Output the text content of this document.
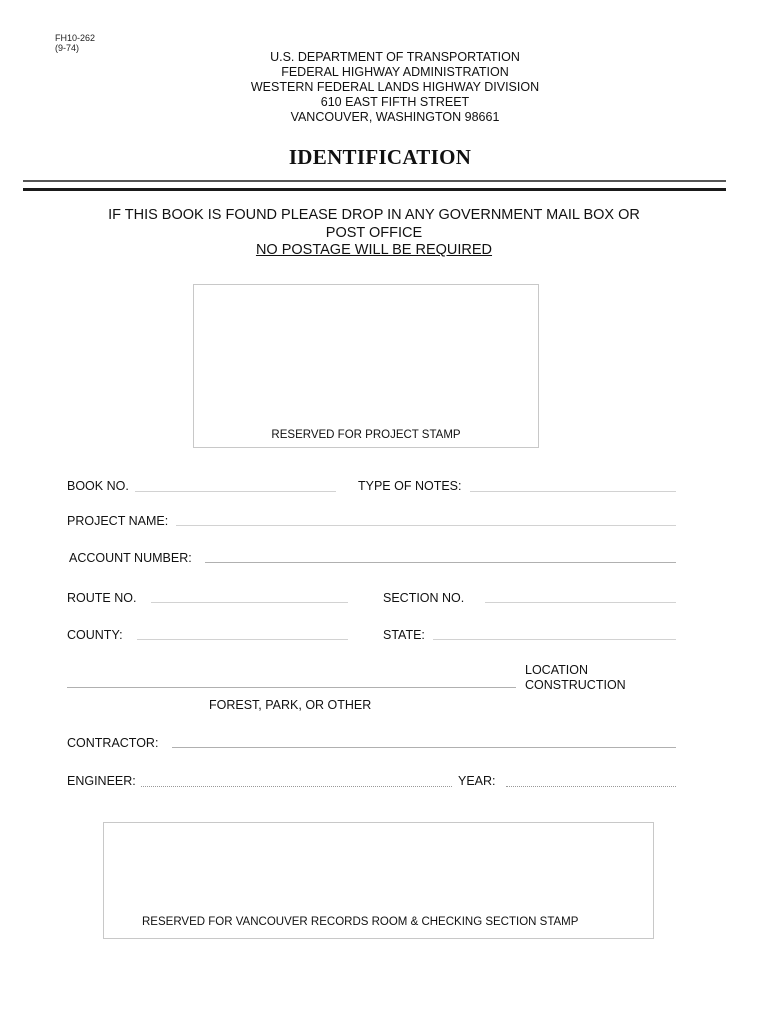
FH10-262
(9-74)
U.S. DEPARTMENT OF TRANSPORTATION
FEDERAL HIGHWAY ADMINISTRATION
WESTERN FEDERAL LANDS HIGHWAY DIVISION
610 EAST FIFTH STREET
VANCOUVER, WASHINGTON 98661
IDENTIFICATION
IF THIS BOOK IS FOUND PLEASE DROP IN ANY GOVERNMENT MAIL BOX OR
POST OFFICE
NO POSTAGE WILL BE REQUIRED
RESERVED FOR PROJECT STAMP
BOOK NO.	TYPE OF NOTES:
PROJECT NAME:
ACCOUNT NUMBER:
ROUTE NO.	SECTION NO.
COUNTY:	STATE:
LOCATION
CONSTRUCTION
FOREST, PARK, OR OTHER
CONTRACTOR:
ENGINEER:	YEAR:
RESERVED FOR VANCOUVER RECORDS ROOM & CHECKING SECTION STAMP
